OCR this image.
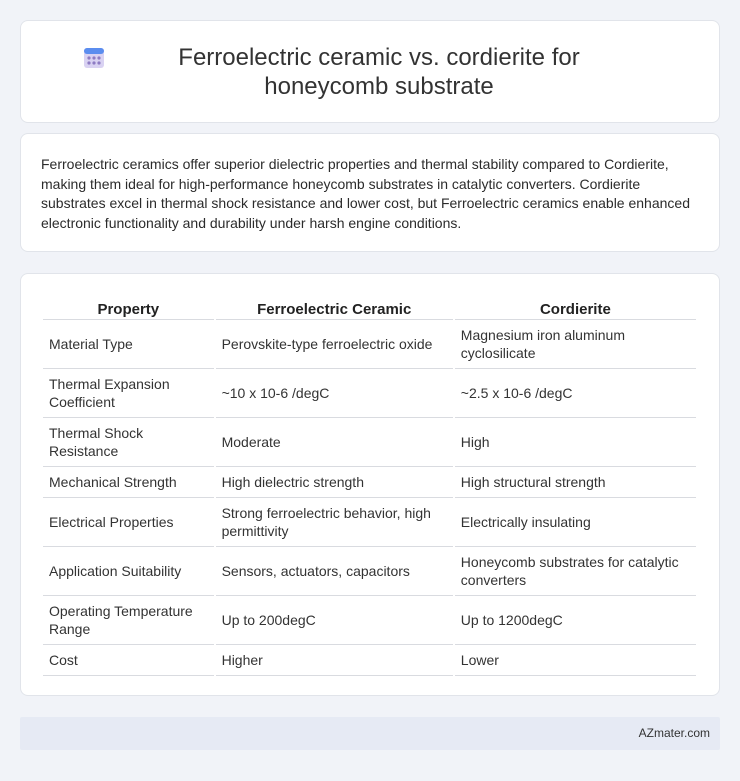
Ferroelectric ceramic vs. cordierite for honeycomb substrate

Ferroelectric ceramics offer superior dielectric properties and thermal stability compared to Cordierite, making them ideal for high-performance honeycomb substrates in catalytic converters. Cordierite substrates excel in thermal shock resistance and lower cost, but Ferroelectric ceramics enable enhanced electronic functionality and durability under harsh engine conditions.

Property	Ferroelectric Ceramic	Cordierite
Material Type	Perovskite-type ferroelectric oxide	Magnesium iron aluminum cyclosilicate
Thermal Expansion Coefficient	~10 x 10-6 /degC	~2.5 x 10-6 /degC
Thermal Shock Resistance	Moderate	High
Mechanical Strength	High dielectric strength	High structural strength
Electrical Properties	Strong ferroelectric behavior, high permittivity	Electrically insulating
Application Suitability	Sensors, actuators, capacitors	Honeycomb substrates for catalytic converters
Operating Temperature Range	Up to 200degC	Up to 1200degC
Cost	Higher	Lower
AZmater.com
